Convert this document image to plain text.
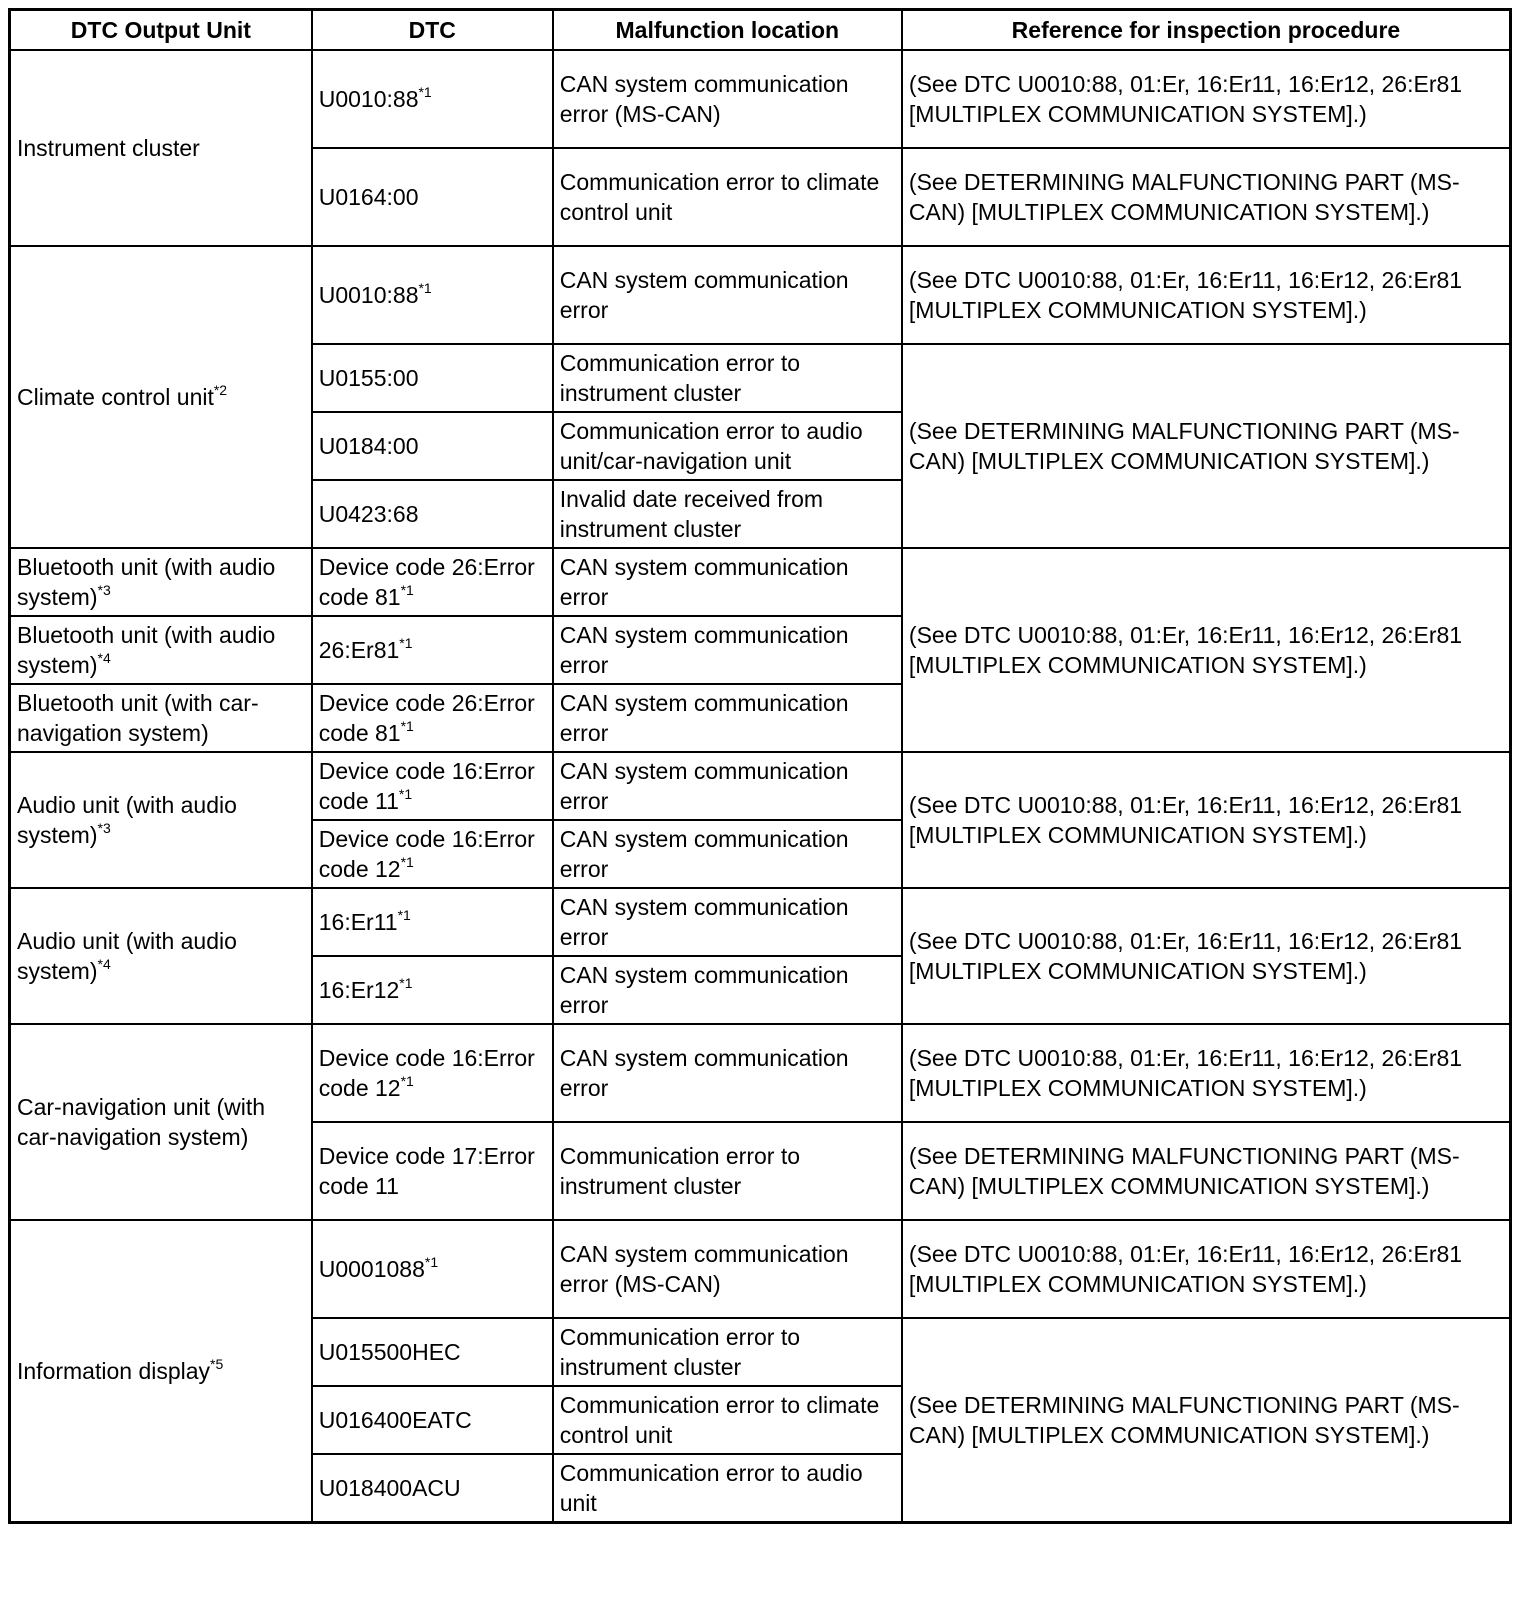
DTC Output Unit	DTC	Malfunction location	Reference for inspection procedure
Instrument cluster	U0010:88$^{*1}$	CAN system communication error (MS-CAN)	(See DTC U0010:88, 01:Er, 16:Er11, 16:Er12, 26:Er81 [MULTIPLEX COMMUNICATION SYSTEM].)
	U0164:00	Communication error to climate control unit	(See DETERMINING MALFUNCTIONING PART (MS-CAN) [MULTIPLEX COMMUNICATION SYSTEM].)
Climate control unit$^{*2}$	U0010:88$^{*1}$	CAN system communication error	(See DTC U0010:88, 01:Er, 16:Er11, 16:Er12, 26:Er81 [MULTIPLEX COMMUNICATION SYSTEM].)
	U0155:00	Communication error to instrument cluster	(See DETERMINING MALFUNCTIONING PART (MS-CAN) [MULTIPLEX COMMUNICATION SYSTEM].)
	U0184:00	Communication error to audio unit/car-navigation unit	
	U0423:68	Invalid date received from instrument cluster	
Bluetooth unit (with audio system)$^{*3}$	Device code 26:Error code 81$^{*1}$	CAN system communication error	(See DTC U0010:88, 01:Er, 16:Er11, 16:Er12, 26:Er81 [MULTIPLEX COMMUNICATION SYSTEM].)
Bluetooth unit (with audio system)$^{*4}$	26:Er81$^{*1}$	CAN system communication error	
Bluetooth unit (with car-navigation system)	Device code 26:Error code 81$^{*1}$	CAN system communication error	
Audio unit (with audio system)$^{*3}$	Device code 16:Error code 11$^{*1}$	CAN system communication error	(See DTC U0010:88, 01:Er, 16:Er11, 16:Er12, 26:Er81 [MULTIPLEX COMMUNICATION SYSTEM].)
	Device code 16:Error code 12$^{*1}$	CAN system communication error	
Audio unit (with audio system)$^{*4}$	16:Er11$^{*1}$	CAN system communication error	(See DTC U0010:88, 01:Er, 16:Er11, 16:Er12, 26:Er81 [MULTIPLEX COMMUNICATION SYSTEM].)
	16:Er12$^{*1}$	CAN system communication error	
Car-navigation unit (with car-navigation system)	Device code 16:Error code 12$^{*1}$	CAN system communication error	(See DTC U0010:88, 01:Er, 16:Er11, 16:Er12, 26:Er81 [MULTIPLEX COMMUNICATION SYSTEM].)
	Device code 17:Error code 11	Communication error to instrument cluster	(See DETERMINING MALFUNCTIONING PART (MS-CAN) [MULTIPLEX COMMUNICATION SYSTEM].)
Information display$^{*5}$	U0001088$^{*1}$	CAN system communication error (MS-CAN)	(See DTC U0010:88, 01:Er, 16:Er11, 16:Er12, 26:Er81 [MULTIPLEX COMMUNICATION SYSTEM].)
	U015500HEC	Communication error to instrument cluster	(See DETERMINING MALFUNCTIONING PART (MS-CAN) [MULTIPLEX COMMUNICATION SYSTEM].)
	U016400EATC	Communication error to climate control unit	
	U018400ACU	Communication error to audio unit	
